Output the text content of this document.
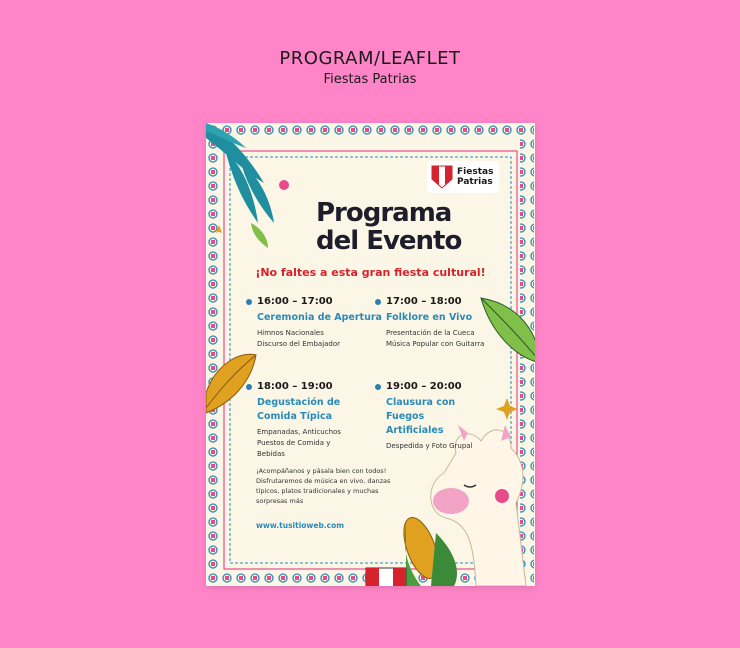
PROGRAM/LEAFLET
Fiestas Patrias
Fiestas
Patrias
Programa
del Evento
¡No faltes a esta gran fiesta cultural!
16:00 – 17:00
Ceremonia de Apertura
Himnos Nacionales
Discurso del Embajador
17:00 – 18:00
Folklore en Vivo
Presentación de la Cueca
Música Popular con Guitarra
18:00 – 19:00
Degustación de Comida Típica
Empanadas, Anticuchos
Puestos de Comida y Bebidas
19:00 – 20:00
Clausura con Fuegos Artificiales
Despedida y Foto Grupal
¡Acompáñanos y pásala bien con todos! Disfrutaremos de música en vivo, danzas típicos, platos tradicionales y muchas sorpresas más
www.tusitioweb.com
